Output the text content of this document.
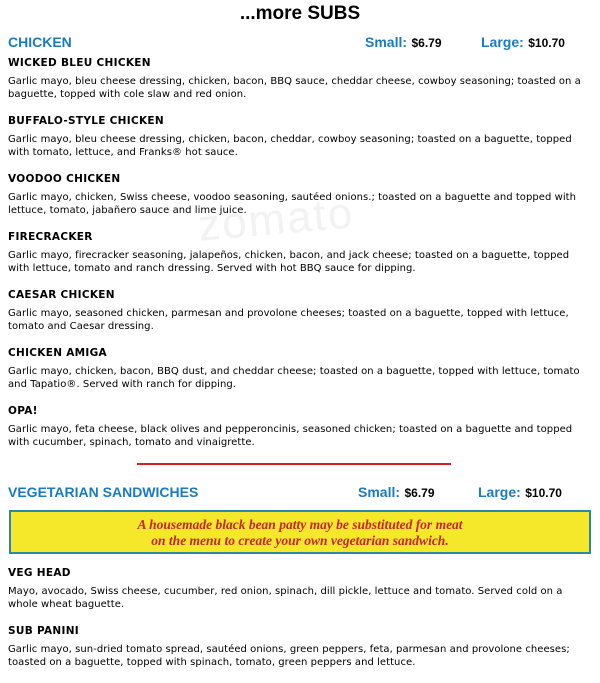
zomato
...more SUBS
CHICKEN	Small: $6.79	Large: $10.70
WICKED BLEU CHICKEN
Garlic mayo, bleu cheese dressing, chicken, bacon, BBQ sauce, cheddar cheese, cowboy seasoning; toasted on a baguette, topped with cole slaw and red onion.
BUFFALO-STYLE CHICKEN
Garlic mayo, bleu cheese dressing, chicken, bacon, cheddar, cowboy seasoning; toasted on a baguette, topped with tomato, lettuce, and Franks® hot sauce.
VOODOO CHICKEN
Garlic mayo, chicken, Swiss cheese, voodoo seasoning, sautéed onions.; toasted on a baguette and topped with lettuce, tomato, jabañero sauce and lime juice.
FIRECRACKER
Garlic mayo, firecracker seasoning, jalapeños, chicken, bacon, and jack cheese; toasted on a baguette, topped with lettuce, tomato and ranch dressing. Served with hot BBQ sauce for dipping.
CAESAR CHICKEN
Garlic mayo, seasoned chicken, parmesan and provolone cheeses; toasted on a baguette, topped with lettuce, tomato and Caesar dressing.
CHICKEN AMIGA
Garlic mayo, chicken, bacon, BBQ dust, and cheddar cheese; toasted on a baguette, topped with lettuce, tomato and Tapatio®. Served with ranch for dipping.
OPA!
Garlic mayo, feta cheese, black olives and pepperoncinis, seasoned chicken; toasted on a baguette and topped with cucumber, spinach, tomato and vinaigrette.
VEGETARIAN SANDWICHES	Small: $6.79	Large: $10.70
A housemade black bean patty may be substituted for meat
on the menu to create your own vegetarian sandwich.
VEG HEAD
Mayo, avocado, Swiss cheese, cucumber, red onion, spinach, dill pickle, lettuce and tomato. Served cold on a whole wheat baguette.
SUB PANINI
Garlic mayo, sun-dried tomato spread, sautéed onions, green peppers, feta, parmesan and provolone cheeses; toasted on a baguette, topped with spinach, tomato, green peppers and lettuce.
